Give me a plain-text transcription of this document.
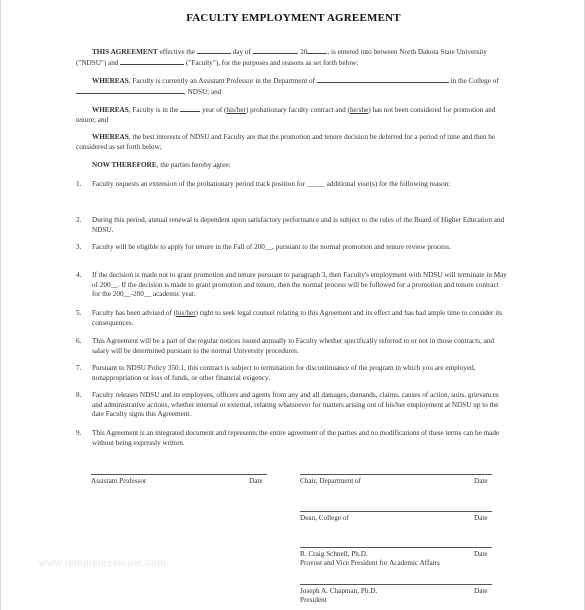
FACULTY EMPLOYMENT AGREEMENT

THIS AGREEMENT effective the	day of	, 20	, is entered into between North Dakota State University ("NDSU") and	("Faculty"), for the purposes and reasons as set forth below:

WHEREAS, Faculty is currently an Assistant Professor in the Department of	in the College of , NDSU; and

WHEREAS, Faculty is in the	year of (his/her) probationary faculty contract and (he/she) has not been considered for promotion and tenure; and

WHEREAS, the best interests of NDSU and Faculty are that the promotion and tenure decision be deferred for a period of time and then be considered as set forth below;

NOW THEREFORE, the parties hereby agree:

1. Faculty requests an extension of the probationary period track position for _____ additional year(s) for the following reason:
2. During this period, annual renewal is dependent upon satisfactory performance and is subject to the rules of the Board of Higher Education and NDSU.
3. Faculty will be eligible to apply for tenure in the Fall of 200__, pursuant to the normal promotion and tenure review process.
4. If the decision is made not to grant promotion and tenure pursuant to paragraph 3, then Faculty's employment with NDSU will terminate in May of 200__. If the decision is made to grant promotion and tenure, then the normal process will be followed for a promotion and tenure contract for the 200__-200__ academic year.
5. Faculty has been advised of (his/her) right to seek legal counsel relating to this Agreement and its effect and has had ample time to consider its consequences.
6. This Agreement will be a part of the regular notices issued annually to Faculty whether specifically referred to or not in those contracts, and salary will be determined pursuant to the normal University procedures.
7. Pursuant to NDSU Policy 350.1, this contract is subject to termination for discontinuance of the program in which you are employed, nonappropriation or loss of funds, or other financial exigency.
8. Faculty releases NDSU and its employees, officers and agents from any and all damages, demands, claims, causes of action, suits, grievances and administrative actions, whether internal or external, relating whatsoever for matters arising out of his/her employment at NDSU up to the date Faculty signs this Agreement.
9. This Agreement is an integrated document and represents the entire agreement of the parties and no modifications of these terms can be made without being expressly written.
Assistant Professor	Date	Chair, Department of	Date
Dean, College of	Date
R. Craig Schnell, Ph.D.
Provost and Vice President for Academic Affairs
Date
Joseph A. Chapman, Ph.D.
President
Date
www.templatesample.com
